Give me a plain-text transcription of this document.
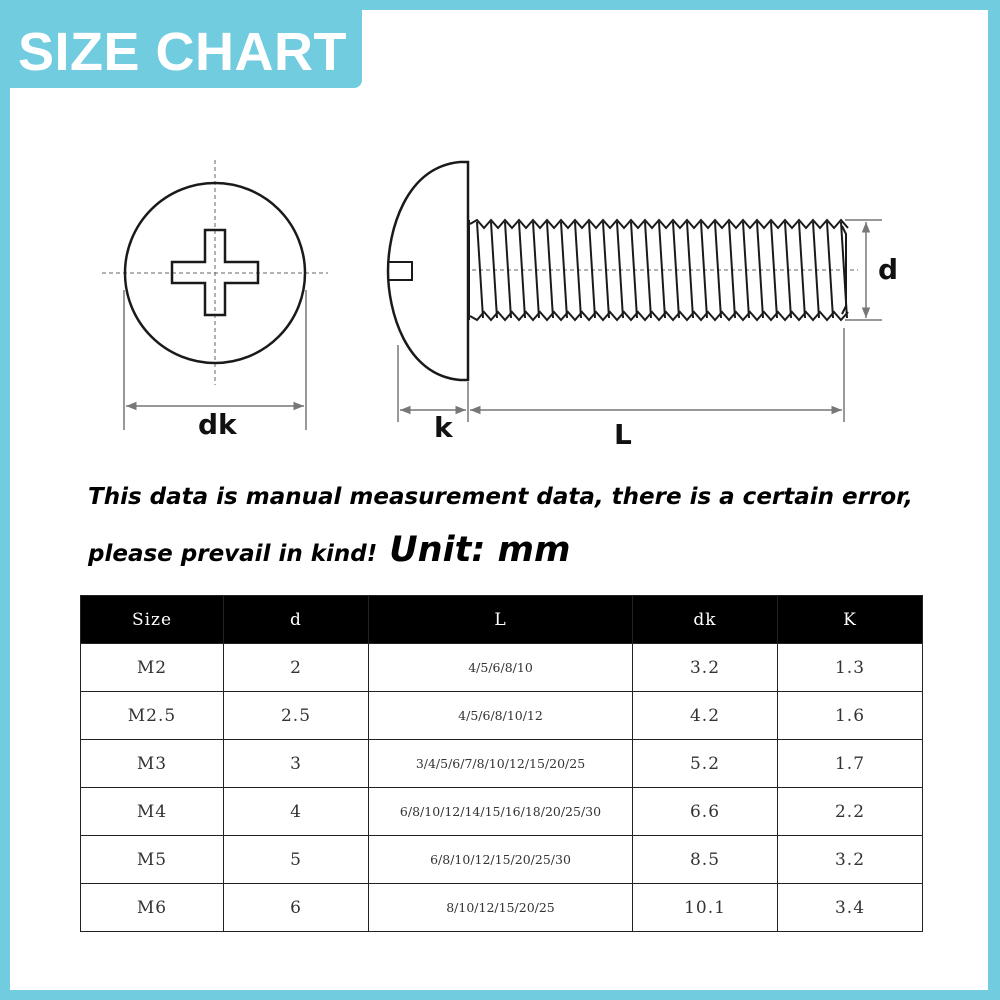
SIZE CHART
dk	k	L
d
This data is manual measurement data, there is a certain error,
please prevail in kind! Unit: mm
Size	d	L	dk	K
M2	2	4/5/6/8/10	3.2	1.3
M2.5	2.5	4/5/6/8/10/12	4.2	1.6
M3	3	3/4/5/6/7/8/10/12/15/20/25	5.2	1.7
M4	4	6/8/10/12/14/15/16/18/20/25/30	6.6	2.2
M5	5	6/8/10/12/15/20/25/30	8.5	3.2
M6	6	8/10/12/15/20/25	10.1	3.4
